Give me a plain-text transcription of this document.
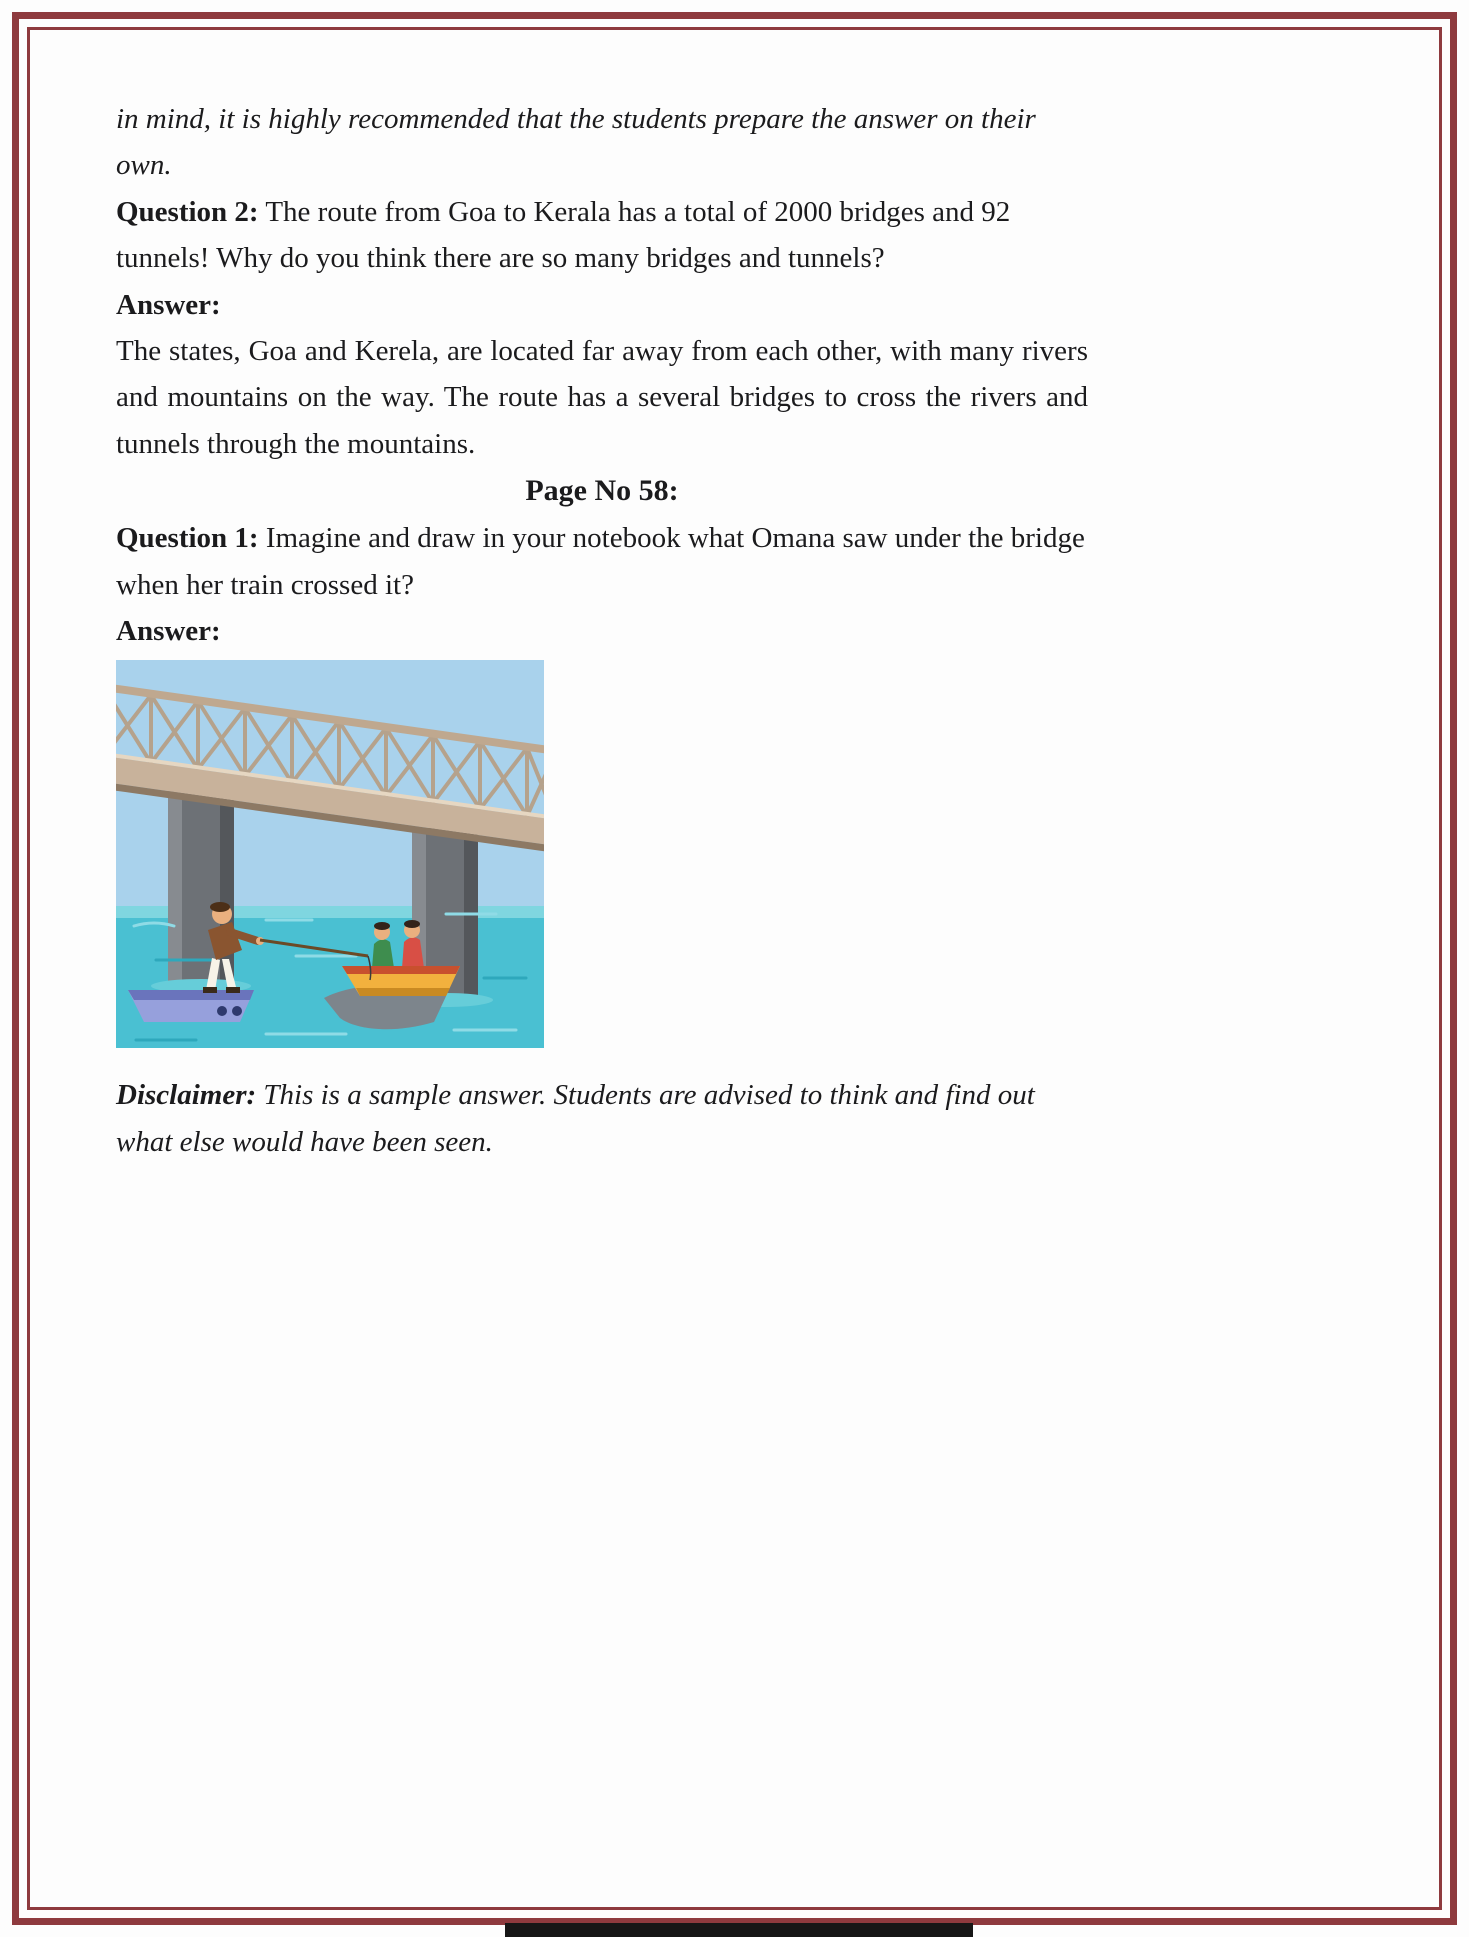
in mind, it is highly recommended that the students prepare the answer on their own.

Question 2: The route from Goa to Kerala has a total of 2000 bridges and 92 tunnels! Why do you think there are so many bridges and tunnels?

Answer:

The states, Goa and Kerela, are located far away from each other, with many rivers and mountains on the way. The route has a several bridges to cross the rivers and tunnels through the mountains.

Page No 58:

Question 1: Imagine and draw in your notebook what Omana saw under the bridge when her train crossed it?

Answer:

Disclaimer: This is a sample answer. Students are advised to think and find out what else would have been seen.
